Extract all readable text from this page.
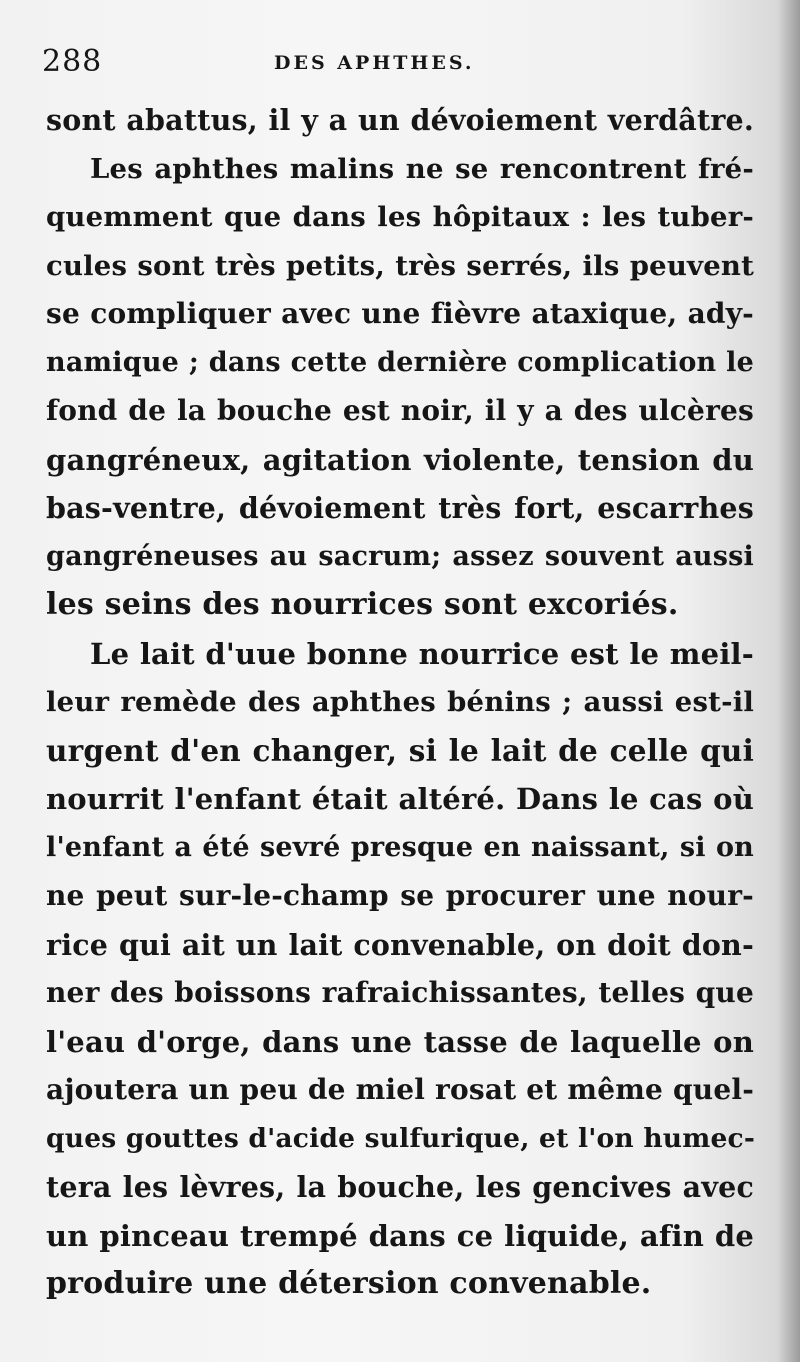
288	DES APHTHES.
sont abattus, il y a un dévoiement verdâtre.
Les aphthes malins ne se rencontrent fré-
quemment que dans les hôpitaux : les tuber-
cules sont très petits, très serrés, ils peuvent
se compliquer avec une fièvre ataxique, ady-
namique ; dans cette dernière complication le
fond de la bouche est noir, il y a des ulcères
gangréneux, agitation violente, tension du
bas-ventre, dévoiement très fort, escarrhes
gangréneuses au sacrum; assez souvent aussi
les seins des nourrices sont excoriés.
Le lait d'uue bonne nourrice est le meil-
leur remède des aphthes bénins ; aussi est-il
urgent d'en changer, si le lait de celle qui
nourrit l'enfant était altéré. Dans le cas où
l'enfant a été sevré presque en naissant, si on
ne peut sur-le-champ se procurer une nour-
rice qui ait un lait convenable, on doit don-
ner des boissons rafraichissantes, telles que
l'eau d'orge, dans une tasse de laquelle on
ajoutera un peu de miel rosat et même quel-
ques gouttes d'acide sulfurique, et l'on humec-
tera les lèvres, la bouche, les gencives avec
un pinceau trempé dans ce liquide, afin de
produire une détersion convenable.
